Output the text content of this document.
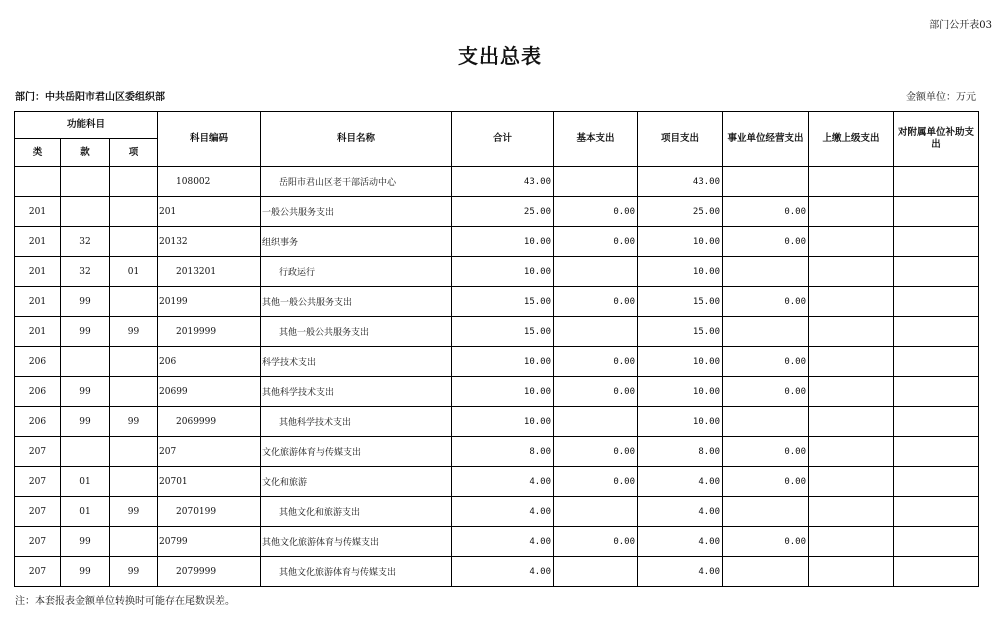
部门公开表03
支出总表
部门：中共岳阳市君山区委组织部	金额单位：万元
功能科目			科目编码	科目名称	合计	基本支出	项目支出	事业单位经营支出	上缴上级支出	对附属单位补助支出
类	款	项								
			108002	岳阳市君山区老干部活动中心	43.00		43.00			
201			201	一般公共服务支出	25.00	0.00	25.00	0.00		
201	32		20132	组织事务	10.00	0.00	10.00	0.00		
201	32	01	2013201	行政运行	10.00		10.00			
201	99		20199	其他一般公共服务支出	15.00	0.00	15.00	0.00		
201	99	99	2019999	其他一般公共服务支出	15.00		15.00			
206			206	科学技术支出	10.00	0.00	10.00	0.00		
206	99		20699	其他科学技术支出	10.00	0.00	10.00	0.00		
206	99	99	2069999	其他科学技术支出	10.00		10.00			
207			207	文化旅游体育与传媒支出	8.00	0.00	8.00	0.00		
207	01		20701	文化和旅游	4.00	0.00	4.00	0.00		
207	01	99	2070199	其他文化和旅游支出	4.00		4.00			
207	99		20799	其他文化旅游体育与传媒支出	4.00	0.00	4.00	0.00		
207	99	99	2079999	其他文化旅游体育与传媒支出	4.00		4.00			
注：本套报表金额单位转换时可能存在尾数误差。
